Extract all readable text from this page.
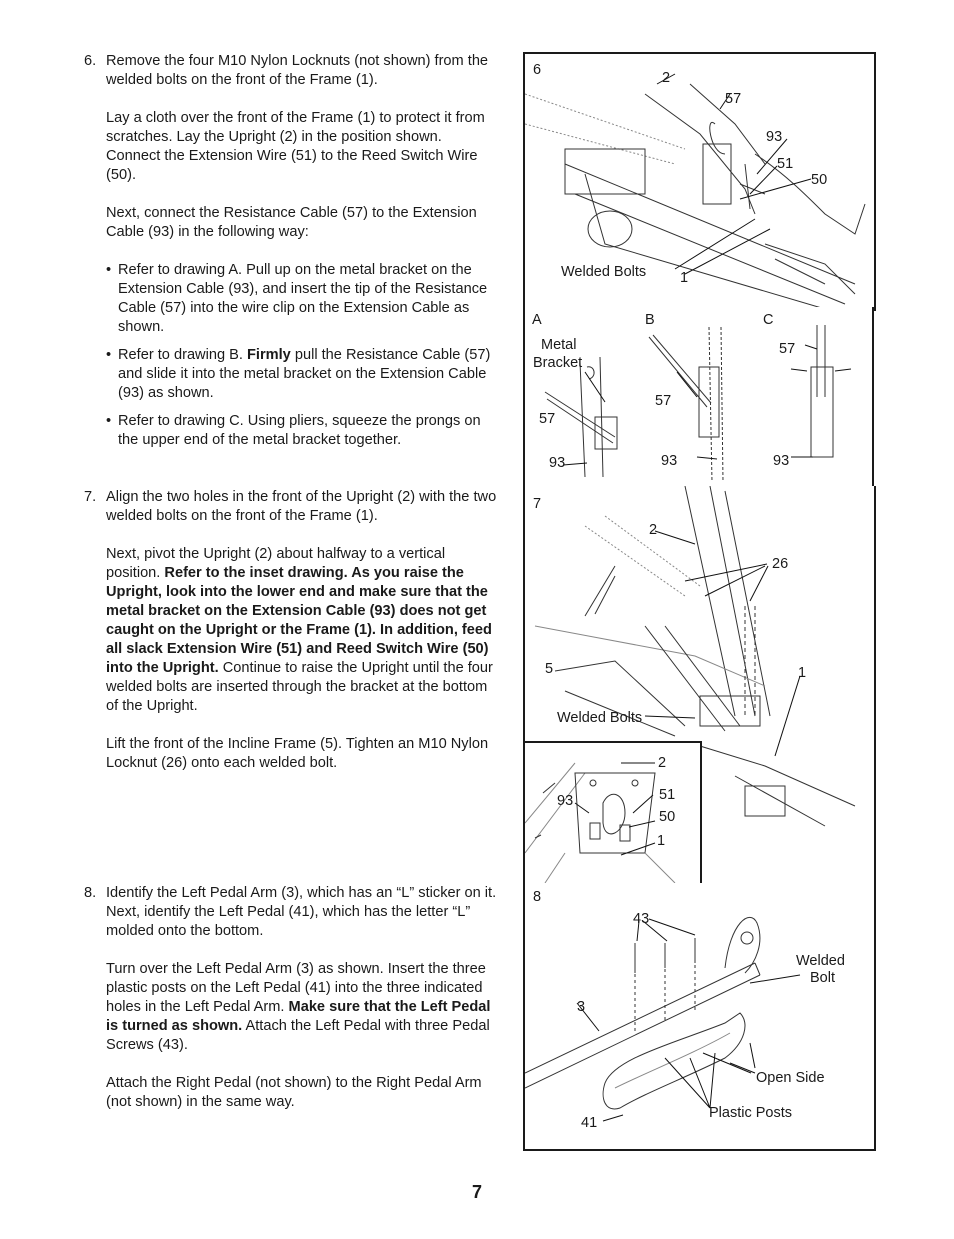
6. Remove the four M10 Nylon Locknuts (not shown) from the welded bolts on the front of the Frame (1).

Lay a cloth over the front of the Frame (1) to protect it from scratches. Lay the Upright (2) in the position shown. Connect the Extension Wire (51) to the Reed Switch Wire (50).

Next, connect the Resistance Cable (57) to the Extension Cable (93) in the following way:

• Refer to drawing A. Pull up on the metal bracket on the Extension Cable (93), and insert the tip of the Resistance Cable (57) into the wire clip on the Extension Cable as shown.
• Refer to drawing B. Firmly pull the Resistance Cable (57) and slide it into the metal bracket on the Extension Cable (93) as shown.
• Refer to drawing C. Using pliers, squeeze the prongs on the upper end of the metal bracket together.
7. Align the two holes in the front of the Upright (2) with the two welded bolts on the front of the Frame (1).

Next, pivot the Upright (2) about halfway to a vertical position. Refer to the inset drawing. As you raise the Upright, look into the lower end and make sure that the metal bracket on the Extension Cable (93) does not get caught on the Upright or the Frame (1). In addition, feed all slack Extension Wire (51) and Reed Switch Wire (50) into the Upright. Continue to raise the Upright until the four welded bolts are inserted through the bracket at the bottom of the Upright.

Lift the front of the Incline Frame (5). Tighten an M10 Nylon Locknut (26) onto each welded bolt.

8. Identify the Left Pedal Arm (3), which has an “L” sticker on it. Next, identify the Left Pedal (41), which has the letter “L” molded onto the bottom.

Turn over the Left Pedal Arm (3) as shown. Insert the three plastic posts on the Left Pedal (41) into the three indicated holes in the Left Pedal Arm. Make sure that the Left Pedal is turned as shown. Attach the Left Pedal with three Pedal Screws (43).

Attach the Right Pedal (not shown) to the Right Pedal Arm (not shown) in the same way.

6	2
57
93
51
50
Welded Bolts 1
A
Metal
Bracket
57
93
B
57
93
C
57
93
7
2
26
5	1
Welded Bolts
2
93	51
50
1
8
43
Welded
Bolt
3
Open Side
Plastic Posts
41
7
